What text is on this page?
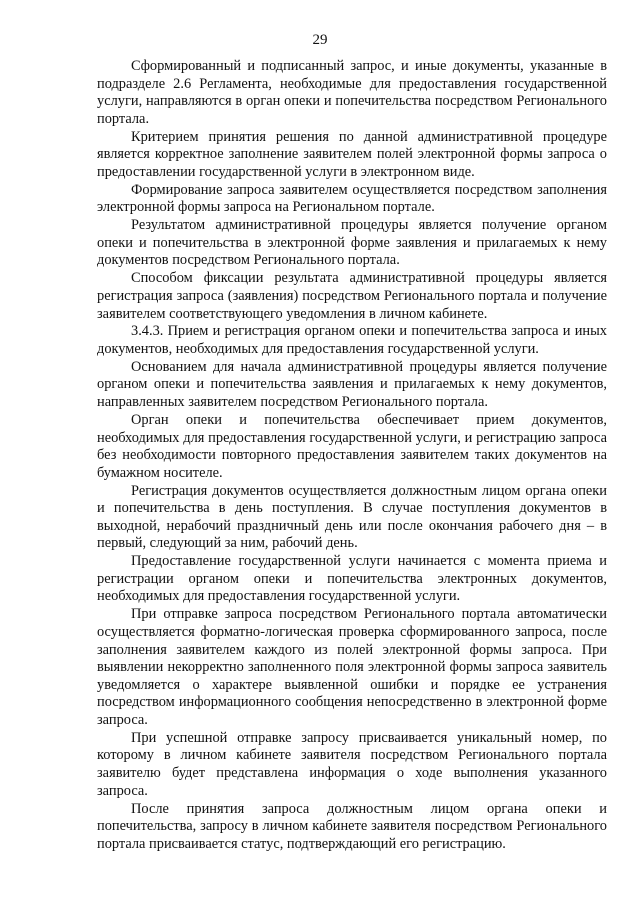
29

Сформированный и подписанный запрос, и иные документы, указанные в подразделе 2.6 Регламента, необходимые для предоставления государственной услуги, направляются в орган опеки и попечительства посредством Регионального портала.

Критерием принятия решения по данной административной процедуре является корректное заполнение заявителем полей электронной формы запроса о предоставлении государственной услуги в электронном виде.

Формирование запроса заявителем осуществляется посредством заполнения электронной формы запроса на Региональном портале.

Результатом административной процедуры является получение органом опеки и попечительства в электронной форме заявления и прилагаемых к нему документов посредством Регионального портала.

Способом фиксации результата административной процедуры является регистрация запроса (заявления) посредством Регионального портала и получение заявителем соответствующего уведомления в личном кабинете.

3.4.3. Прием и регистрация органом опеки и попечительства запроса и иных документов, необходимых для предоставления государственной услуги.

Основанием для начала административной процедуры является получение органом опеки и попечительства заявления и прилагаемых к нему документов, направленных заявителем посредством Регионального портала.

Орган опеки и попечительства обеспечивает прием документов, необходимых для предоставления государственной услуги, и регистрацию запроса без необходимости повторного предоставления заявителем таких документов на бумажном носителе.

Регистрация документов осуществляется должностным лицом органа опеки и попечительства в день поступления. В случае поступления документов в выходной, нерабочий праздничный день или после окончания рабочего дня – в первый, следующий за ним, рабочий день.

Предоставление государственной услуги начинается с момента приема и регистрации органом опеки и попечительства электронных документов, необходимых для предоставления государственной услуги.

При отправке запроса посредством Регионального портала автоматически осуществляется форматно-логическая проверка сформированного запроса, после заполнения заявителем каждого из полей электронной формы запроса. При выявлении некорректно заполненного поля электронной формы запроса заявитель уведомляется о характере выявленной ошибки и порядке ее устранения посредством информационного сообщения непосредственно в электронной форме запроса.

При успешной отправке запросу присваивается уникальный номер, по которому в личном кабинете заявителя посредством Регионального портала заявителю будет представлена информация о ходе выполнения указанного запроса.

После принятия запроса должностным лицом органа опеки и попечительства, запросу в личном кабинете заявителя посредством Регионального портала присваивается статус, подтверждающий его регистрацию.
